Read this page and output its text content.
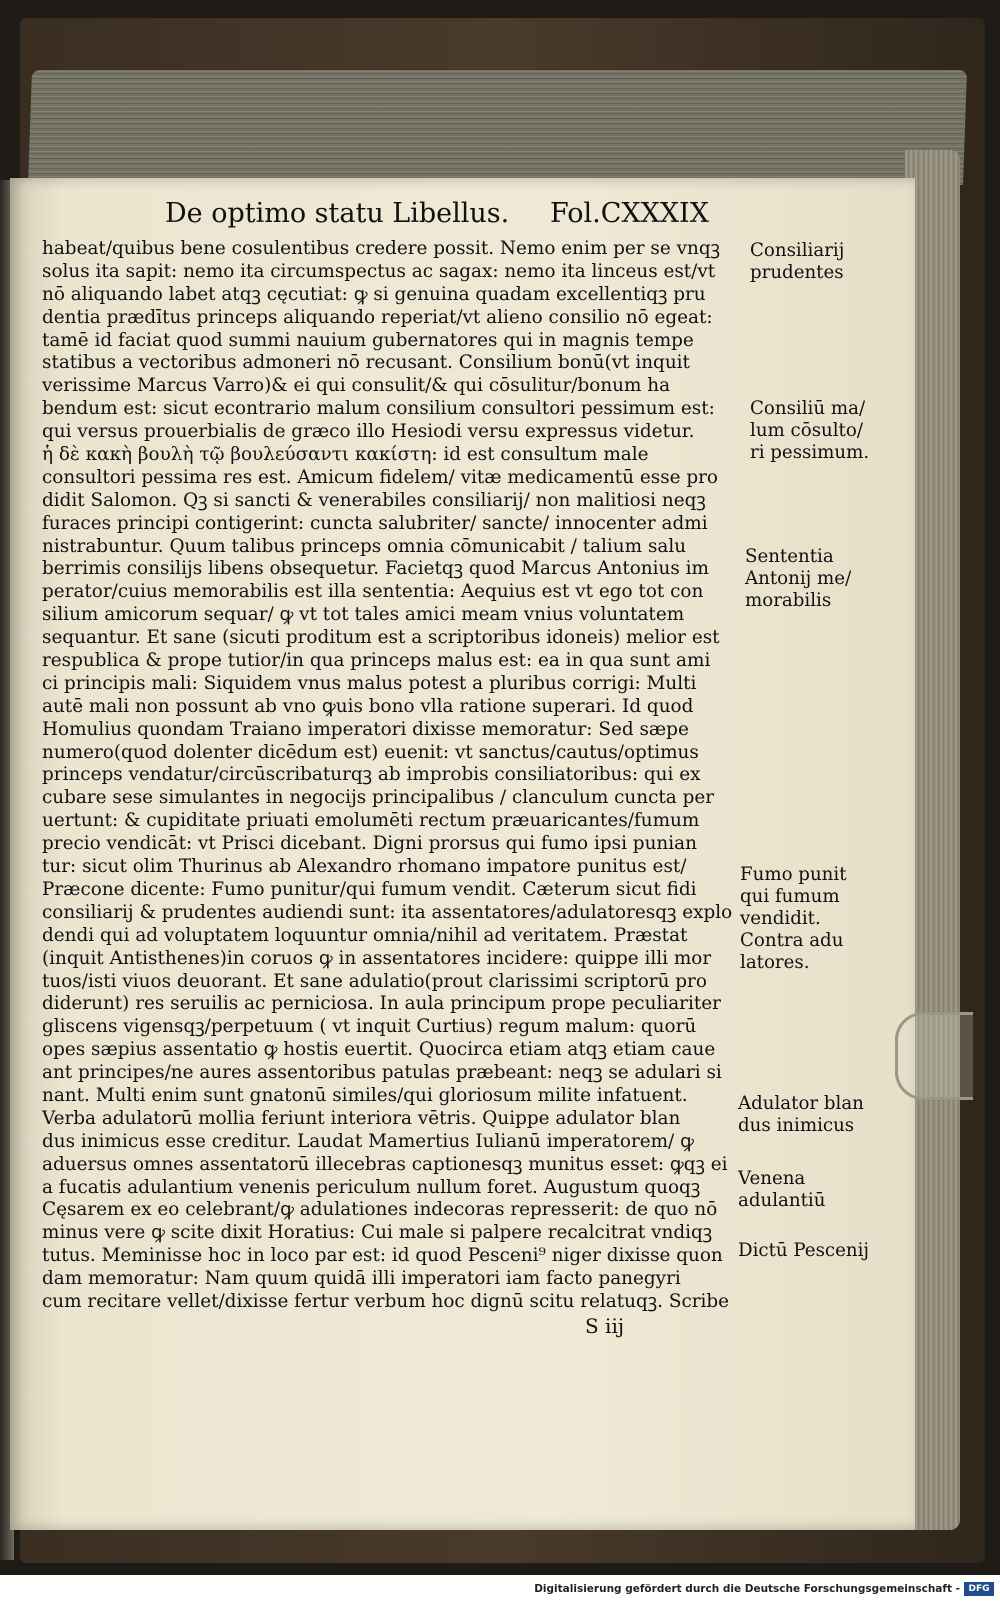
De optimo statu Libellus. Fol.CXXXIX
habeat/quibus bene cosulentibus credere possit. Nemo enim per se vnqꝫ
solus ita sapit: nemo ita circumspectus ac sagax: nemo ita linceus est/vt
nō aliquando labet atqꝫ cęcutiat: ꝙ si genuina quadam excellentiqꝫ pru
dentia prædītus princeps aliquando reperiat/vt alieno consilio nō egeat:
tamē id faciat quod summi nauium gubernatores qui in magnis tempe
statibus a vectoribus admoneri nō recusant. Consilium bonū(vt inquit
verissime Marcus Varro)& ei qui consulit/& qui cōsulitur/bonum ha
bendum est: sicut econtrario malum consilium consultori pessimum est:
qui versus prouerbialis de græco illo Hesiodi versu expressus videtur.
ἡ δὲ κακὴ βουλὴ τῷ βουλεύσαντι κακίστη: id est consultum male
consultori pessima res est. Amicum fidelem/ vitæ medicamentū esse pro
didit Salomon. Qꝫ si sancti & venerabiles consiliarij/ non malitiosi neqꝫ
furaces principi contigerint: cuncta salubriter/ sancte/ innocenter admi
nistrabuntur. Quum talibus princeps omnia cōmunicabit / talium salu
berrimis consilijs libens obsequetur. Facietqꝫ quod Marcus Antonius im
perator/cuius memorabilis est illa sententia: Aequius est vt ego tot con
silium amicorum sequar/ ꝙ vt tot tales amici meam vnius voluntatem
sequantur. Et sane (sicuti proditum est a scriptoribus idoneis) melior est
respublica & prope tutior/in qua princeps malus est: ea in qua sunt ami
ci principis mali: Siquidem vnus malus potest a pluribus corrigi: Multi
autē mali non possunt ab vno ꝙuis bono vlla ratione superari. Id quod
Homulius quondam Traiano imperatori dixisse memoratur: Sed sæpe
numero(quod dolenter dicēdum est) euenit: vt sanctus/cautus/optimus
princeps vendatur/circūscribaturqꝫ ab improbis consiliatoribus: qui ex
cubare sese simulantes in negocijs principalibus / clanculum cuncta per
uertunt: & cupiditate priuati emolumēti rectum præuaricantes/fumum
precio vendicāt: vt Prisci dicebant. Digni prorsus qui fumo ipsi punian
tur: sicut olim Thurinus ab Alexandro rhomano impatore punitus est/
Præcone dicente: Fumo punitur/qui fumum vendit. Cæterum sicut fidi
consiliarij & prudentes audiendi sunt: ita assentatores/adulatoresqꝫ explo
dendi qui ad voluptatem loquuntur omnia/nihil ad veritatem. Præstat
(inquit Antisthenes)in coruos ꝙ in assentatores incidere: quippe illi mor
tuos/isti viuos deuorant. Et sane adulatio(prout clarissimi scriptorū pro
diderunt) res seruilis ac perniciosa. In aula principum prope peculiariter
gliscens vigensqꝫ/perpetuum ( vt inquit Curtius) regum malum: quorū
opes sæpius assentatio ꝙ hostis euertit. Quocirca etiam atqꝫ etiam caue
ant principes/ne aures assentoribus patulas præbeant: neqꝫ se adulari si
nant. Multi enim sunt gnatonū similes/qui gloriosum milite infatuent.
Verba adulatorū mollia feriunt interiora vētris. Quippe adulator blan
dus inimicus esse creditur. Laudat Mamertius Iulianū imperatorem/ ꝙ
aduersus omnes assentatorū illecebras captionesqꝫ munitus esset: ꝙqꝫ ei
a fucatis adulantium venenis periculum nullum foret. Augustum quoqꝫ
Cęsarem ex eo celebrant/ꝙ adulationes indecoras represserit: de quo nō
minus vere ꝙ scite dixit Horatius: Cui male si palpere recalcitrat vndiqꝫ
tutus. Meminisse hoc in loco par est: id quod Pesceni⁹ niger dixisse quon
dam memoratur: Nam quum quidā illi imperatori iam facto panegyri
cum recitare vellet/dixisse fertur verbum hoc dignū scitu relatuqꝫ. Scribe
Consiliarij
prudentes
Consiliū ma/
lum cōsulto/
ri pessimum.
Sententia
Antonij me/
morabilis
Fumo punit
qui fumum
vendidit.
Contra adu
latores.
Adulator blan
dus inimicus
Venena
adulantiū
Dictū Pescenij
S iij
Digitalisierung gefördert durch die Deutsche Forschungsgemeinschaft - DFG
